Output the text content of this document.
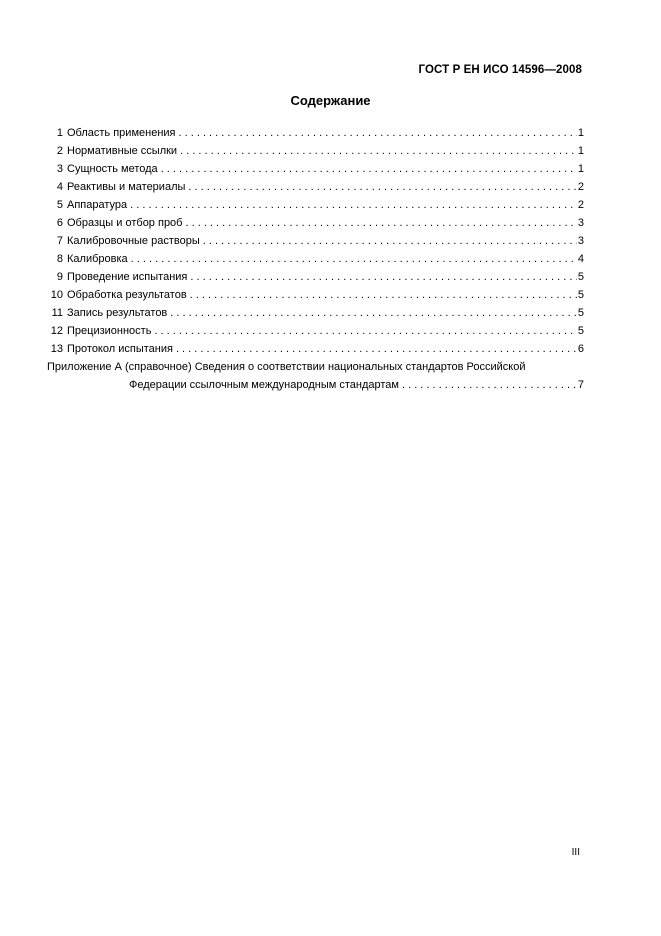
ГОСТ Р ЕН ИСО 14596—2008
Содержание
1 Область применения . . .	1
2 Нормативные ссылки . . .	1
3 Сущность метода . . .	1
4 Реактивы и материалы . . .	2
5 Аппаратура . . .	2
6 Образцы и отбор проб . . .	3
7 Калибровочные растворы . . .	3
8 Калибровка . . .	4
9 Проведение испытания . . .	5
10 Обработка результатов . . .	5
11 Запись результатов . . .	5
12 Прецизионность . . .	5
13 Протокол испытания . . .	6
Приложение А (справочное) Сведения о соответствии национальных стандартов Российской
Федерации ссылочным международным стандартам . . .	7
III
